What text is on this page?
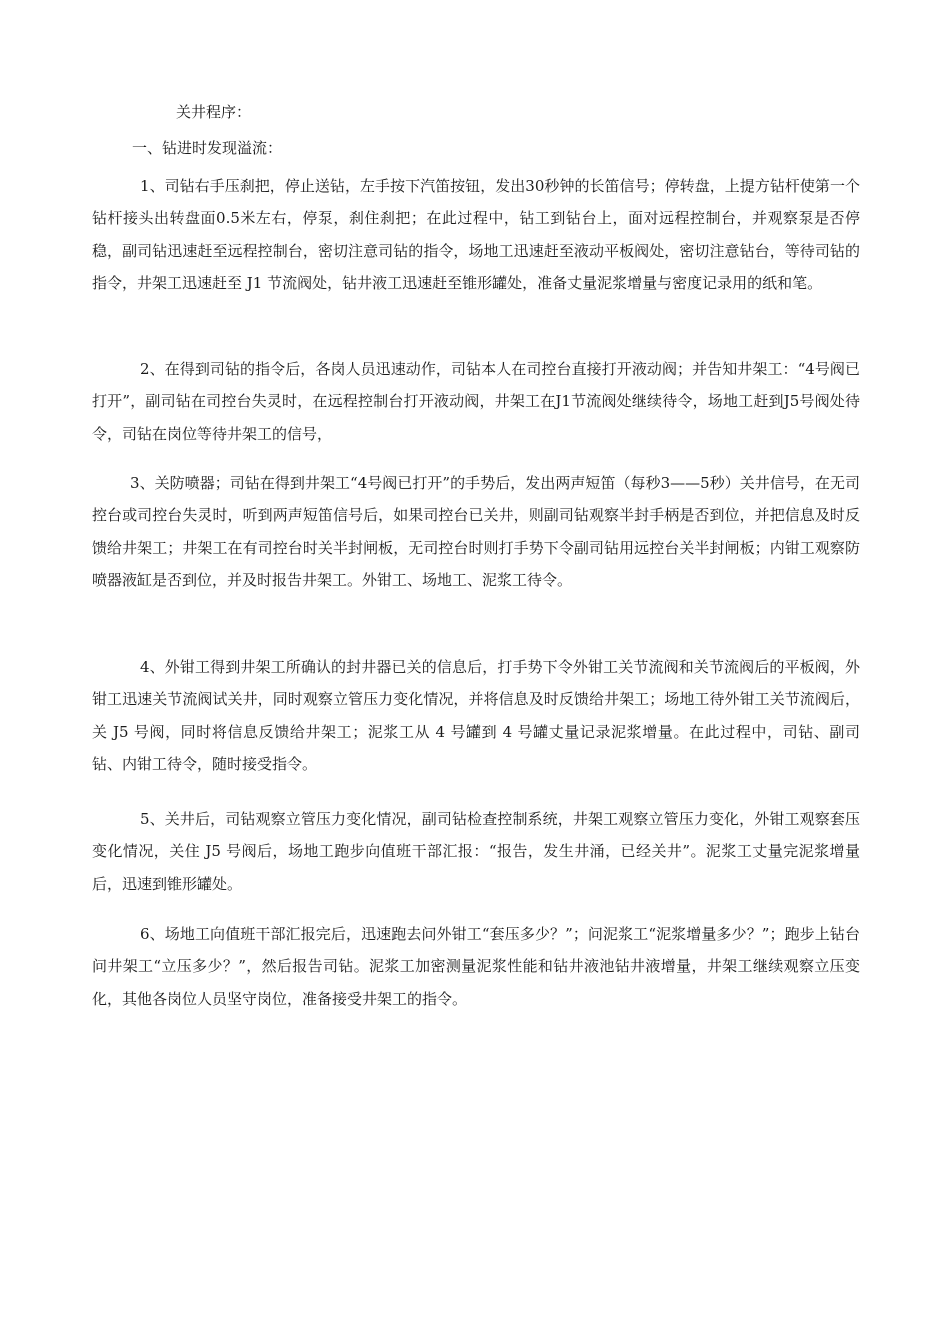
关井程序：

一、钻进时发现溢流：

1、司钻右手压刹把，停止送钻，左手按下汽笛按钮，发出30秒钟的长笛信号；停转盘，上提方钻杆使第一个钻杆接头出转盘面0.5米左右，停泵，刹住刹把；在此过程中，钻工到钻台上，面对远程控制台，并观察泵是否停稳，副司钻迅速赶至远程控制台，密切注意司钻的指令，场地工迅速赶至液动平板阀处，密切注意钻台，等待司钻的指令，井架工迅速赶至 J1 节流阀处，钻井液工迅速赶至锥形罐处，准备丈量泥浆增量与密度记录用的纸和笔。

2、在得到司钻的指令后，各岗人员迅速动作，司钻本人在司控台直接打开液动阀；并告知井架工：“4号阀已打开”，副司钻在司控台失灵时，在远程控制台打开液动阀，井架工在J1节流阀处继续待令，场地工赶到J5号阀处待令，司钻在岗位等待井架工的信号，

3、关防喷器；司钻在得到井架工“4号阀已打开”的手势后，发出两声短笛（每秒3——5秒）关井信号，在无司控台或司控台失灵时，听到两声短笛信号后，如果司控台已关井，则副司钻观察半封手柄是否到位，并把信息及时反馈给井架工；井架工在有司控台时关半封闸板，无司控台时则打手势下令副司钻用远控台关半封闸板；内钳工观察防喷器液缸是否到位，并及时报告井架工。外钳工、场地工、泥浆工待令。

4、外钳工得到井架工所确认的封井器已关的信息后，打手势下令外钳工关节流阀和关节流阀后的平板阀，外钳工迅速关节流阀试关井，同时观察立管压力变化情况，并将信息及时反馈给井架工；场地工待外钳工关节流阀后，关 J5 号阀，同时将信息反馈给井架工；泥浆工从 4 号罐到 4 号罐丈量记录泥浆增量。在此过程中，司钻、副司钻、内钳工待令，随时接受指令。

5、关井后，司钻观察立管压力变化情况，副司钻检查控制系统，井架工观察立管压力变化，外钳工观察套压变化情况，关住 J5 号阀后，场地工跑步向值班干部汇报：“报告，发生井涌，已经关井”。泥浆工丈量完泥浆增量后，迅速到锥形罐处。

6、场地工向值班干部汇报完后，迅速跑去问外钳工“套压多少？”；问泥浆工“泥浆增量多少？”；跑步上钻台问井架工“立压多少？”，然后报告司钻。泥浆工加密测量泥浆性能和钻井液池钻井液增量，井架工继续观察立压变化，其他各岗位人员坚守岗位，准备接受井架工的指令。
